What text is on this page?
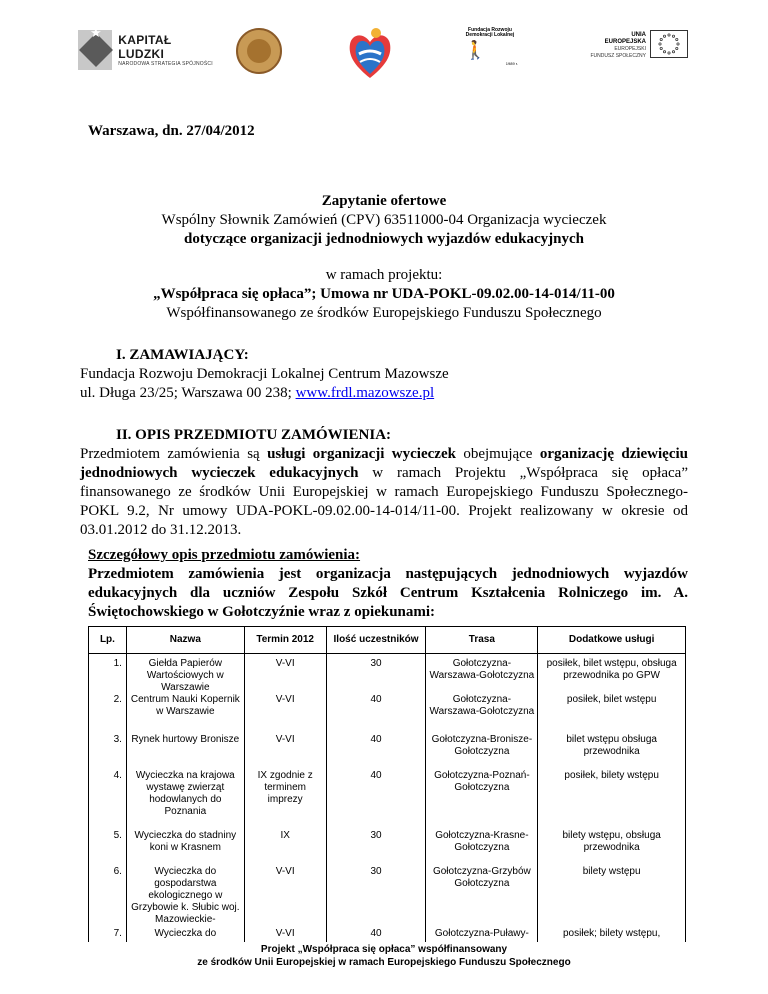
★
KAPITAŁ LUDZKI
NARODOWA STRATEGIA SPÓJNOŚCI
Fundacja Rozwoju Demokracji Lokalnej
🚶
1989 r.
UNIA EUROPEJSKA
EUROPEJSKI
FUNDUSZ SPOŁECZNY
Warszawa, dn. 27/04/2012
Zapytanie ofertowe
Wspólny Słownik Zamówień (CPV) 63511000-04 Organizacja wycieczek
dotyczące organizacji jednodniowych wyjazdów edukacyjnych
w ramach projektu:
„Współpraca się opłaca”; Umowa nr UDA-POKL-09.02.00-14-014/11-00
Współfinansowanego ze środków Europejskiego Funduszu Społecznego
I. ZAMAWIAJĄCY:
Fundacja Rozwoju Demokracji Lokalnej Centrum Mazowsze
ul. Długa 23/25; Warszawa 00 238; www.frdl.mazowsze.pl
II. OPIS PRZEDMIOTU ZAMÓWIENIA:
Przedmiotem zamówienia są usługi organizacji wycieczek obejmujące organizację dziewięciu jednodniowych wycieczek edukacyjnych w ramach Projektu „Współpraca się opłaca” finansowanego ze środków Unii Europejskiej w ramach Europejskiego Funduszu Społecznego- POKL 9.2, Nr umowy UDA-POKL-09.02.00-14-014/11-00. Projekt realizowany w okresie od 03.01.2012 do 31.12.2013.
Szczegółowy opis przedmiotu zamówienia:
Przedmiotem zamówienia jest organizacja następujących jednodniowych wyjazdów edukacyjnych dla uczniów Zespołu Szkół Centrum Kształcenia Rolniczego im. A. Świętochowskiego w Gołotczyźnie wraz z opiekunami:
Lp.	Nazwa	Termin 2012	Ilość uczestników	Trasa	Dodatkowe usługi
1.	Giełda Papierów Wartościowych w Warszawie	V-VI	30	Gołotczyzna-Warszawa-Gołotczyzna	posiłek, bilet wstępu, obsługa przewodnika po GPW
2.	Centrum Nauki Kopernik w Warszawie	V-VI	40	Gołotczyzna-Warszawa-Gołotczyzna	posiłek, bilet wstępu
3.	Rynek hurtowy Bronisze	V-VI	40	Gołotczyzna-Bronisze-Gołotczyzna	bilet wstępu obsługa przewodnika
4.	Wycieczka na krajowa wystawę zwierząt hodowlanych do Poznania	IX zgodnie z terminem imprezy	40	Gołotczyzna-Poznań-Gołotczyzna	posiłek, bilety wstępu
5.	Wycieczka do stadniny koni w Krasnem	IX	30	Gołotczyzna-Krasne-Gołotczyzna	bilety wstępu, obsługa przewodnika
6.	Wycieczka do gospodarstwa ekologicznego w Grzybowie k. Słubic woj. Mazowieckie-	V-VI	30	Gołotczyzna-Grzybów Gołotczyzna	bilety wstępu
7.	Wycieczka do	V-VI	40	Gołotczyzna-Puławy-	posiłek; bilety wstępu,
Projekt „Współpraca się opłaca” współfinansowany
ze środków Unii Europejskiej w ramach Europejskiego Funduszu Społecznego
